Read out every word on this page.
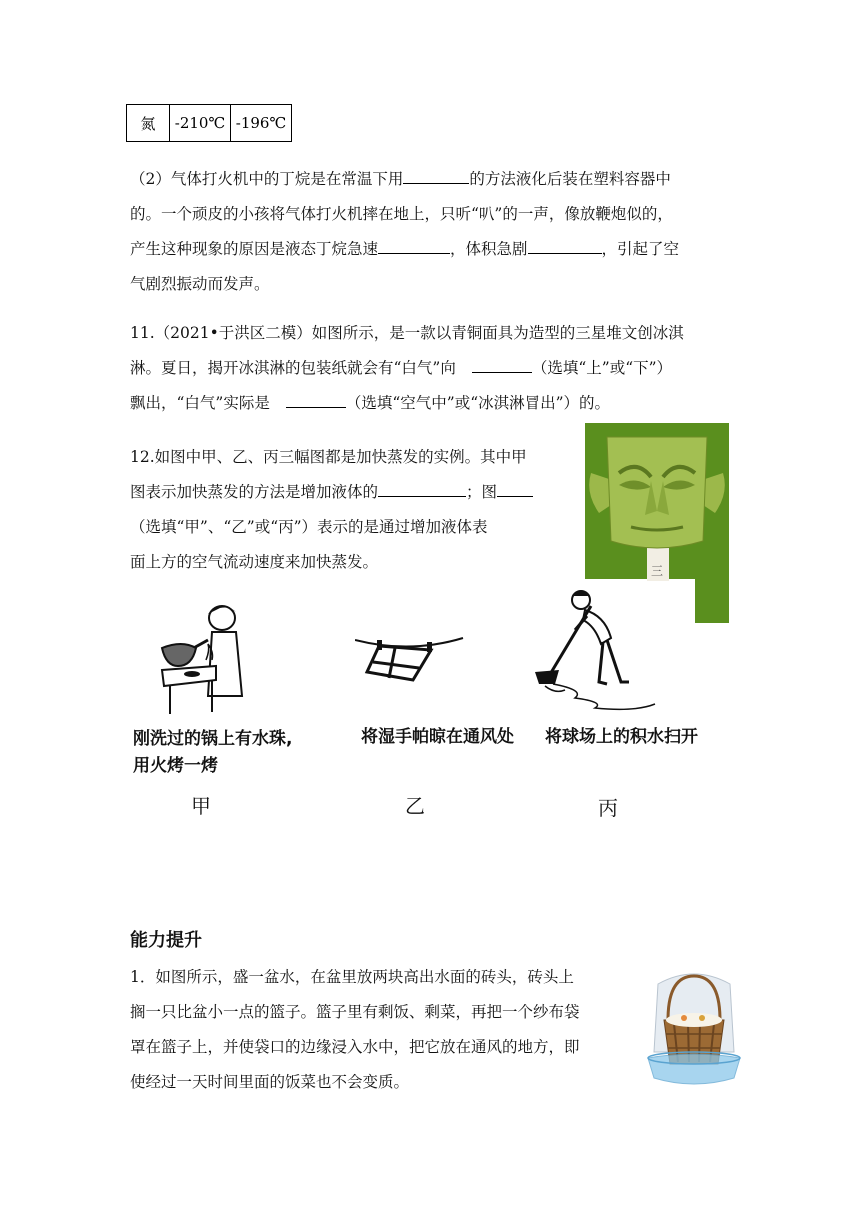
氮	-210℃	-196℃
（2）气体打火机中的丁烷是在常温下用	的方法液化后装在塑料容器中
的。一个顽皮的小孩将气体打火机摔在地上，只听“叭”的一声，像放鞭炮似的，
产生这种现象的原因是液态丁烷急速	，体积急剧	，引起了空
气剧烈振动而发声。
11.（2021•于洪区二模）如图所示，是一款以青铜面具为造型的三星堆文创冰淇
淋。夏日，揭开冰淇淋的包装纸就会有“白气”向	（选填“上”或“下”）
飘出，“白气”实际是	（选填“空气中”或“冰淇淋冒出”）的。
三
12.如图中甲、乙、丙三幅图都是加快蒸发的实例。其中甲
图表示加快蒸发的方法是增加液体的	；图
（选填“甲”、“乙”或“丙”）表示的是通过增加液体表
面上方的空气流动速度来加快蒸发。
刚洗过的锅上有水珠,
用火烤一烤
甲
将湿手帕晾在通风处
乙
将球场上的积水扫开
丙
能力提升
1．如图所示，盛一盆水，在盆里放两块高出水面的砖头，砖头上
搁一只比盆小一点的篮子。篮子里有剩饭、剩菜，再把一个纱布袋
罩在篮子上，并使袋口的边缘浸入水中，把它放在通风的地方，即
使经过一天时间里面的饭菜也不会变质。
